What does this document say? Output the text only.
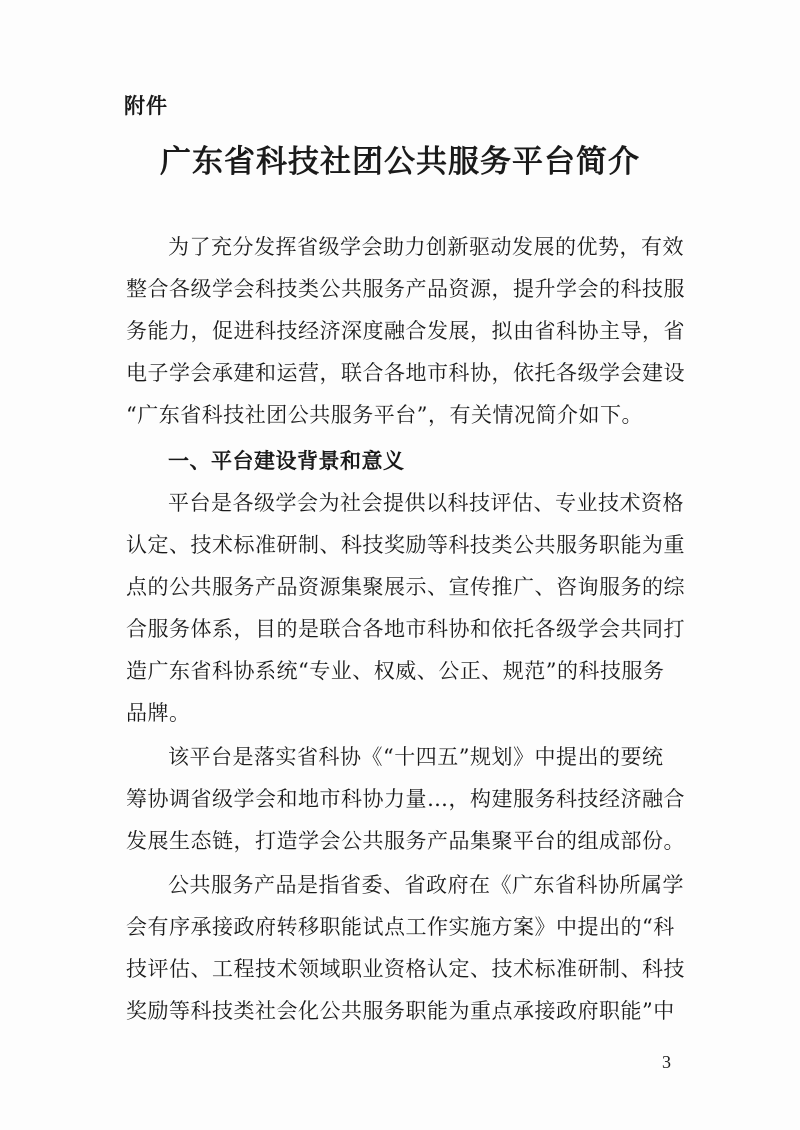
附件
广东省科技社团公共服务平台简介
为了充分发挥省级学会助力创新驱动发展的优势，有效
整合各级学会科技类公共服务产品资源，提升学会的科技服
务能力，促进科技经济深度融合发展，拟由省科协主导，省
电子学会承建和运营，联合各地市科协，依托各级学会建设
“广东省科技社团公共服务平台”，有关情况简介如下。
一、平台建设背景和意义
平台是各级学会为社会提供以科技评估、专业技术资格
认定、技术标准研制、科技奖励等科技类公共服务职能为重
点的公共服务产品资源集聚展示、宣传推广、咨询服务的综
合服务体系，目的是联合各地市科协和依托各级学会共同打
造广东省科协系统“专业、权威、公正、规范”的科技服务
品牌。
该平台是落实省科协《“十四五”规划》中提出的要统
筹协调省级学会和地市科协力量…，构建服务科技经济融合
发展生态链，打造学会公共服务产品集聚平台的组成部份。
公共服务产品是指省委、省政府在《广东省科协所属学
会有序承接政府转移职能试点工作实施方案》中提出的“科
技评估、工程技术领域职业资格认定、技术标准研制、科技
奖励等科技类社会化公共服务职能为重点承接政府职能”中
3
